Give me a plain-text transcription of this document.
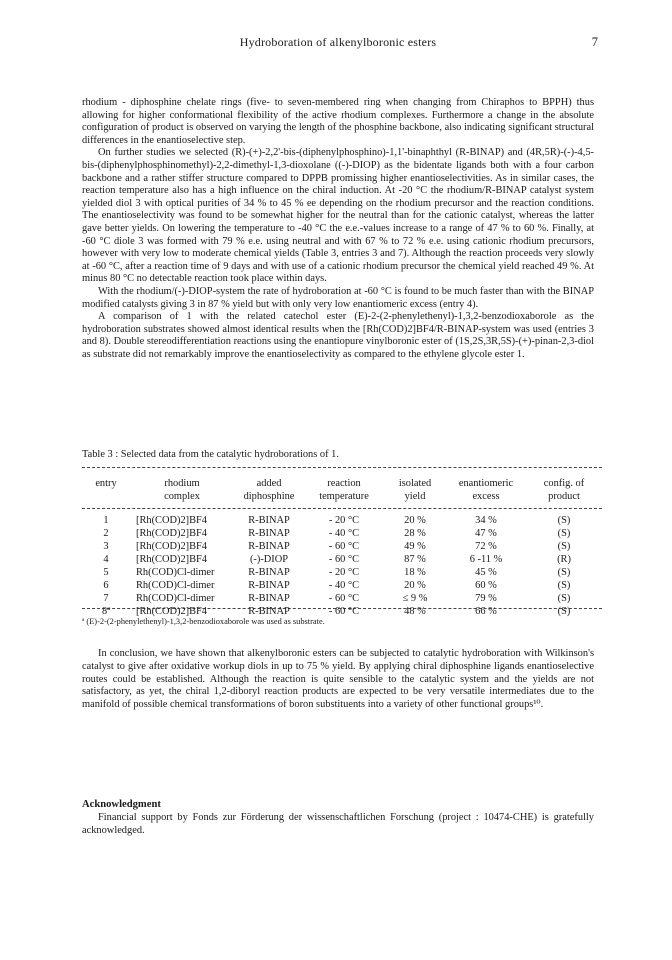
Hydroboration of alkenylboronic esters	7

rhodium - diphosphine chelate rings (five- to seven-membered ring when changing from Chiraphos to BPPH) thus allowing for higher conformational flexibility of the active rhodium complexes. Furthermore a change in the absolute configuration of product is observed on varying the length of the phosphine backbone, also indicating significant structural differences in the enantioselective step.

On further studies we selected (R)-(+)-2,2'-bis-(diphenylphosphino)-1,1'-binaphthyl (R-BINAP) and (4R,5R)-(-)-4,5-bis-(diphenylphosphinomethyl)-2,2-dimethyl-1,3-dioxolane ((-)-DIOP) as the bidentate ligands both with a four carbon backbone and a rather stiffer structure compared to DPPB promissing higher enantioselectivities. As in similar cases, the reaction temperature also has a high influence on the chiral induction. At -20 °C the rhodium/R-BINAP catalyst system yielded diol 3 with optical purities of 34 % to 45 % ee depending on the rhodium precursor and the reaction conditions. The enantioselectivity was found to be somewhat higher for the neutral than for the cationic catalyst, whereas the latter gave better yields. On lowering the temperature to -40 °C the e.e.-values increase to a range of 47 % to 60 %. Finally, at -60 °C diole 3 was formed with 79 % e.e. using neutral and with 67 % to 72 % e.e. using cationic rhodium precursors, however with very low to moderate chemical yields (Table 3, entries 3 and 7). Although the reaction proceeds very slowly at -60 °C, after a reaction time of 9 days and with use of a cationic rhodium precursor the chemical yield reached 49 %. At minus 80 °C no detectable reaction took place within days.

With the rhodium/(-)-DIOP-system the rate of hydroboration at -60 °C is found to be much faster than with the BINAP modified catalysts giving 3 in 87 % yield but with only very low enantiomeric excess (entry 4).

A comparison of 1 with the related catechol ester (E)-2-(2-phenylethenyl)-1,3,2-benzodioxaborole as the hydroboration substrates showed almost identical results when the [Rh(COD)2]BF4/R-BINAP-system was used (entries 3 and 8). Double stereodifferentiation reactions using the enantiopure vinylboronic ester of (1S,2S,3R,5S)-(+)-pinan-2,3-diol as substrate did not remarkably improve the enantioselectivity as compared to the ethylene glycole ester 1.

Table 3 : Selected data from the catalytic hydroborations of 1.
entry	rhodium	added	reaction	isolated	enantiomeric	config. of
	complex	diphosphine	temperature	yield	excess	product

1	[Rh(COD)2]BF4	R-BINAP	- 20 °C	20 %	34 %	(S)
2	[Rh(COD)2]BF4	R-BINAP	- 40 °C	28 %	47 %	(S)
3	[Rh(COD)2]BF4	R-BINAP	- 60 °C	49 %	72 %	(S)
4	[Rh(COD)2]BF4	(-)-DIOP	- 60 °C	87 %	6 -11 %	(R)
5	Rh(COD)Cl-dimer	R-BINAP	- 20 °C	18 %	45 %	(S)
6	Rh(COD)Cl-dimer	R-BINAP	- 40 °C	20 %	60 %	(S)
7	Rh(COD)Cl-dimer	R-BINAP	- 60 °C	≤ 9 %	79 %	(S)
8ª	[Rh(COD)2]BF4	R-BINAP	- 60 °C	48 %	66 %	(S)
ª (E)-2-(2-phenylethenyl)-1,3,2-benzodioxaborole was used as substrate.

In conclusion, we have shown that alkenylboronic esters can be subjected to catalytic hydroboration with Wilkinson's catalyst to give after oxidative workup diols in up to 75 % yield. By applying chiral diphosphine ligands enantioselective routes could be established. Although the reaction is quite sensible to the catalytic system and the yields are not satisfactory, as yet, the chiral 1,2-diboryl reaction products are expected to be very versatile intermediates due to the manifold of possible chemical transformations of boron substituents into a variety of other functional groups¹⁰.

Acknowledgment

Financial support by Fonds zur Förderung der wissenschaftlichen Forschung (project : 10474-CHE) is gratefully acknowledged.
